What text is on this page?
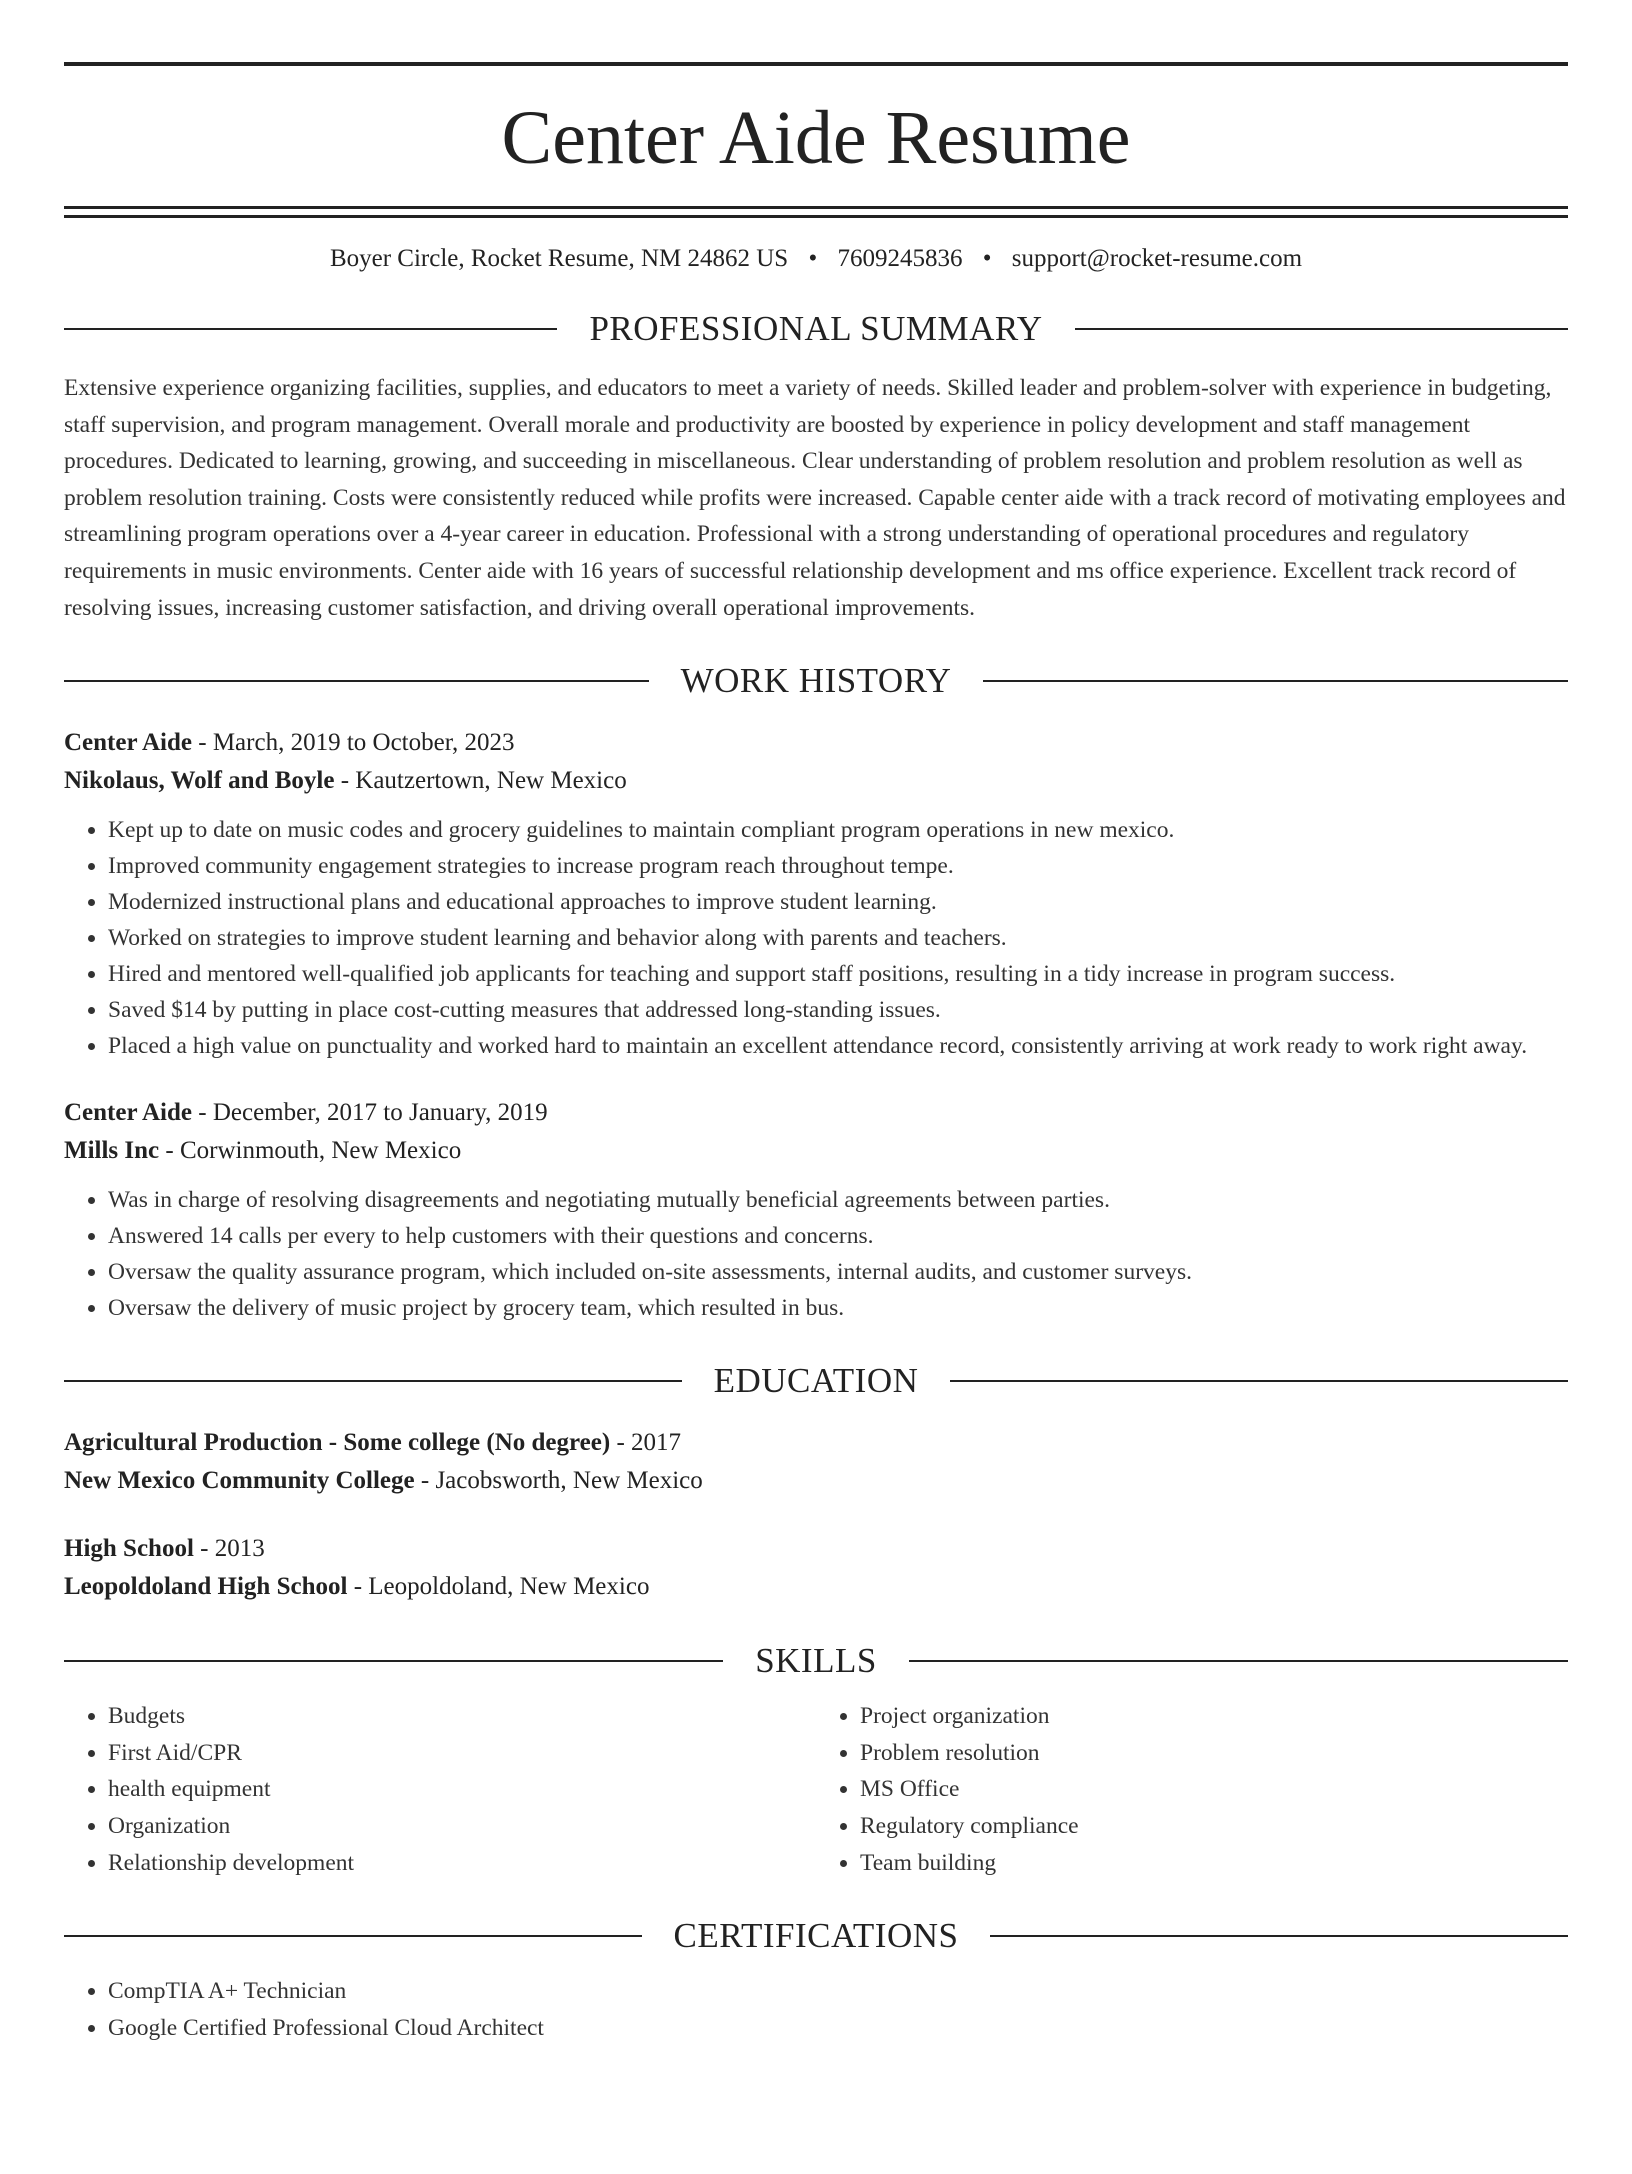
Center Aide Resume
Boyer Circle, Rocket Resume, NM 24862 US • 7609245836 • support@rocket-resume.com
PROFESSIONAL SUMMARY
Extensive experience organizing facilities, supplies, and educators to meet a variety of needs. Skilled leader and problem-solver with experience in budgeting, staff supervision, and program management. Overall morale and productivity are boosted by experience in policy development and staff management procedures. Dedicated to learning, growing, and succeeding in miscellaneous. Clear understanding of problem resolution and problem resolution as well as problem resolution training. Costs were consistently reduced while profits were increased. Capable center aide with a track record of motivating employees and streamlining program operations over a 4-year career in education. Professional with a strong understanding of operational procedures and regulatory requirements in music environments. Center aide with 16 years of successful relationship development and ms office experience. Excellent track record of resolving issues, increasing customer satisfaction, and driving overall operational improvements.
WORK HISTORY
Center Aide - March, 2019 to October, 2023
Nikolaus, Wolf and Boyle - Kautzertown, New Mexico
• Kept up to date on music codes and grocery guidelines to maintain compliant program operations in new mexico.
• Improved community engagement strategies to increase program reach throughout tempe.
• Modernized instructional plans and educational approaches to improve student learning.
• Worked on strategies to improve student learning and behavior along with parents and teachers.
• Hired and mentored well-qualified job applicants for teaching and support staff positions, resulting in a tidy increase in program success.
• Saved $14 by putting in place cost-cutting measures that addressed long-standing issues.
• Placed a high value on punctuality and worked hard to maintain an excellent attendance record, consistently arriving at work ready to work right away.
Center Aide - December, 2017 to January, 2019
Mills Inc - Corwinmouth, New Mexico
• Was in charge of resolving disagreements and negotiating mutually beneficial agreements between parties.
• Answered 14 calls per every to help customers with their questions and concerns.
• Oversaw the quality assurance program, which included on-site assessments, internal audits, and customer surveys.
• Oversaw the delivery of music project by grocery team, which resulted in bus.
EDUCATION
Agricultural Production - Some college (No degree) - 2017
New Mexico Community College - Jacobsworth, New Mexico
High School - 2013
Leopoldoland High School - Leopoldoland, New Mexico
SKILLS
• Budgets
• First Aid/CPR
• health equipment
• Organization
• Relationship development
• Project organization
• Problem resolution
• MS Office
• Regulatory compliance
• Team building
CERTIFICATIONS
• CompTIA A+ Technician
• Google Certified Professional Cloud Architect
